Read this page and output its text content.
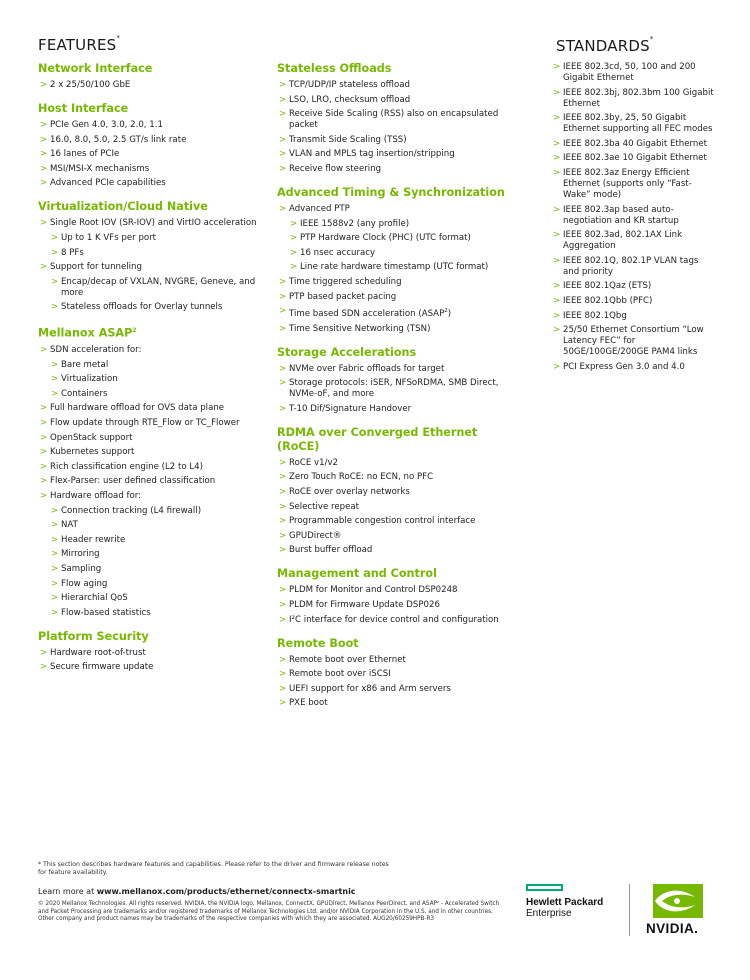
FEATURES*	STANDARDS*
Network Interface
> 2 x 25/50/100 GbE
Host Interface
> PCIe Gen 4.0, 3.0, 2.0, 1.1
> 16.0, 8.0, 5.0, 2.5 GT/s link rate
> 16 lanes of PCIe
> MSI/MSI-X mechanisms
> Advanced PCIe capabilities
Virtualization/Cloud Native
> Single Root IOV (SR-IOV) and VirtIO acceleration
> Up to 1 K VFs per port
> 8 PFs
> Support for tunneling
> Encap/decap of VXLAN, NVGRE, Geneve, and more
> Stateless offloads for Overlay tunnels
Mellanox $ASAP^2$
> SDN acceleration for:
> Bare metal
> Virtualization
> Containers
> Full hardware offload for OVS data plane
> Flow update through RTE_Flow or TC_Flower
> OpenStack support
> Kubernetes support
> Rich classification engine (L2 to L4)
> Flex-Parser: user defined classification
> Hardware offload for:
> Connection tracking (L4 firewall)
> NAT
> Header rewrite
> Mirroring
> Sampling
> Flow aging
> Hierarchial QoS
> Flow-based statistics
Platform Security
> Hardware root-of-trust
> Secure firmware update
Stateless Offloads
> TCP/UDP/IP stateless offload
> LSO, LRO, checksum offload
> Receive Side Scaling (RSS) also on encapsulated packet
> Transmit Side Scaling (TSS)
> VLAN and MPLS tag insertion/stripping
> Receive flow steering
Advanced Timing & Synchronization
> Advanced PTP
> IEEE 1588v2 (any profile)
> PTP Hardware Clock (PHC) (UTC format)
> 16 nsec accuracy
> Line rate hardware timestamp (UTC format)
> Time triggered scheduling
> PTP based packet pacing
> Time based SDN acceleration $(ASAP^2)$
> Time Sensitive Networking (TSN)
Storage Accelerations
> NVMe over Fabric offloads for target
> Storage protocols: iSER, NFSoRDMA, SMB Direct, NVMe-oF, and more
> T-10 Dif/Signature Handover
RDMA over Converged Ethernet (RoCE)
> RoCE v1/v2
> Zero Touch RoCE: no ECN, no PFC
> RoCE over overlay networks
> Selective repeat
> Programmable congestion control interface
> GPUDirect®
> Burst buffer offload
Management and Control
> PLDM for Monitor and Control DSP0248
> PLDM for Firmware Update DSP026
> I²C interface for device control and configuration
Remote Boot
> Remote boot over Ethernet
> Remote boot over iSCSI
> UEFI support for x86 and Arm servers
> PXE boot
> IEEE 802.3cd, 50, 100 and 200 Gigabit Ethernet
> IEEE 802.3bj, 802.3bm 100 Gigabit Ethernet
> IEEE 802.3by, 25, 50 Gigabit Ethernet supporting all FEC modes
> IEEE 802.3ba 40 Gigabit Ethernet
> IEEE 802.3ae 10 Gigabit Ethernet
> IEEE 802.3az Energy Efficient Ethernet (supports only “Fast-Wake” mode)
> IEEE 802.3ap based auto-negotiation and KR startup
> IEEE 802.3ad, 802.1AX Link Aggregation
> IEEE 802.1Q, 802.1P VLAN tags and priority
> IEEE 802.1Qaz (ETS)
> IEEE 802.1Qbb (PFC)
> IEEE 802.1Qbg
> 25/50 Ethernet Consortium “Low Latency FEC” for 50GE/100GE/200GE PAM4 links
> PCI Express Gen 3.0 and 4.0
* This section describes hardware features and capabilities. Please refer to the driver and firmware release notes for feature availability.
Learn more at www.mellanox.com/products/ethernet/connectx-smartnic
© 2020 Mellanox Technologies. All rights reserved. NVIDIA, the NVIDIA logo, Mellanox, ConnectX, GPUDirect, Mellanox PeerDirect, and ASAP² - Accelerated Switch and Packet Processing are trademarks and/or registered trademarks of Mellanox Technologies Ltd. and/or NVIDIA Corporation in the U.S, and in other countries. Other company and product names may be trademarks of the respective companies with which they are associated. AUG20/60259HPB-R3
Hewlett Packard
Enterprise
NVIDIA.
